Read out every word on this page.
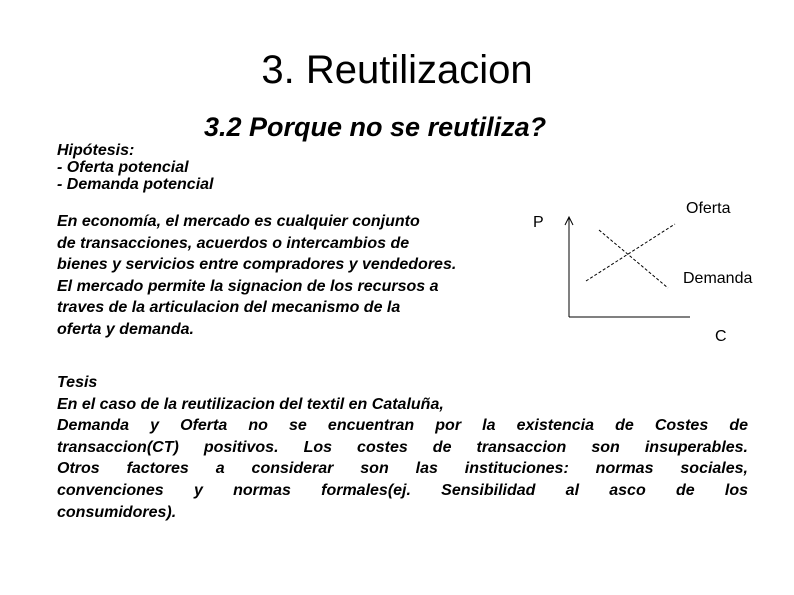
3. Reutilizacion
3.2 Porque no se reutiliza?
Hipótesis:
- Oferta potencial
- Demanda potencial
En economía, el mercado es cualquier conjunto
de transacciones, acuerdos o intercambios de
bienes y servicios entre compradores y vendedores.
El mercado permite la signacion de los recursos a
traves de la articulacion del mecanismo de la
oferta y demanda.
P
Oferta
Demanda
C
Tesis
En el caso de la reutilizacion del textil en Cataluña,
Demanda y Oferta no se encuentran por la existencia de Costes de
transaccion(CT) positivos. Los costes de transaccion son insuperables.
Otros factores a considerar son las instituciones: normas sociales,
convenciones y normas formales(ej. Sensibilidad al asco de los
consumidores).
